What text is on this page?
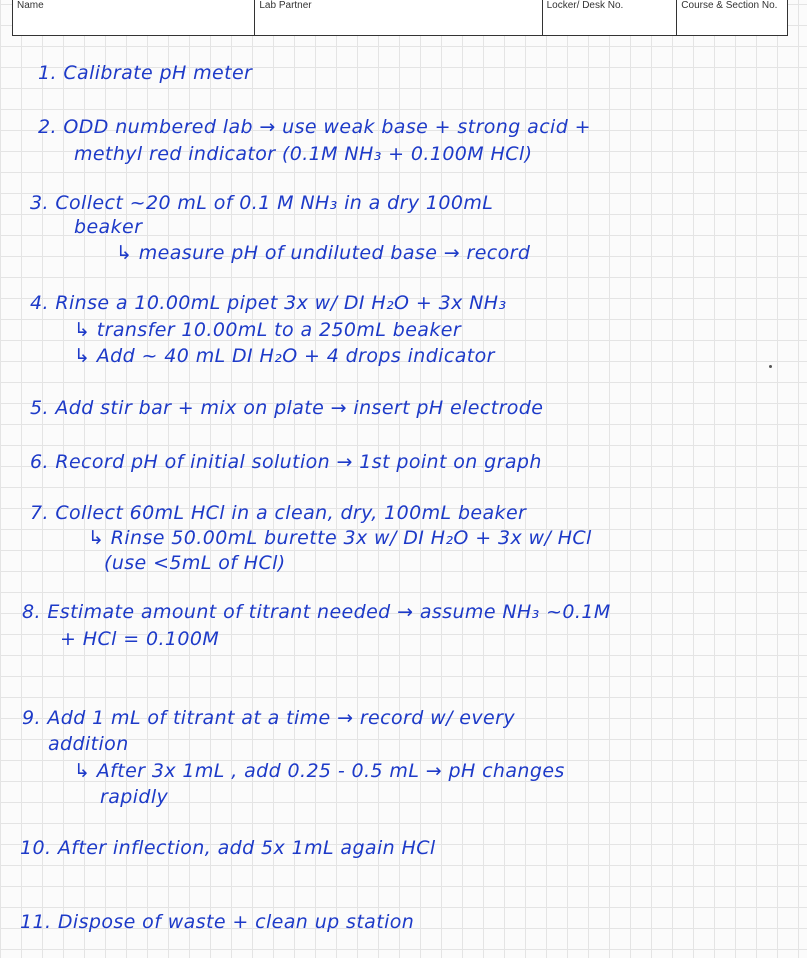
Name	Lab Partner	Locker/ Desk No.	Course & Section No.
1. Calibrate pH meter
2. ODD numbered lab → use weak base + strong acid +
methyl red indicator (0.1M NH₃ + 0.100M HCl)
3. Collect ~20 mL of 0.1 M NH₃ in a dry 100mL
beaker
↳ measure pH of undiluted base → record
4. Rinse a 10.00mL pipet 3x w/ DI H₂O + 3x NH₃
↳ transfer 10.00mL to a 250mL beaker
↳ Add ~ 40 mL DI H₂O + 4 drops indicator
5. Add stir bar + mix on plate → insert pH electrode
6. Record pH of initial solution → 1st point on graph
7. Collect 60mL HCl in a clean, dry, 100mL beaker
↳ Rinse 50.00mL burette 3x w/ DI H₂O + 3x w/ HCl
(use <5mL of HCl)
8. Estimate amount of titrant needed → assume NH₃ ~0.1M
+ HCl = 0.100M
9. Add 1 mL of titrant at a time → record w/ every
addition
↳ After 3x 1mL , add 0.25 - 0.5 mL → pH changes
rapidly
10. After inflection, add 5x 1mL again HCl
11. Dispose of waste + clean up station
